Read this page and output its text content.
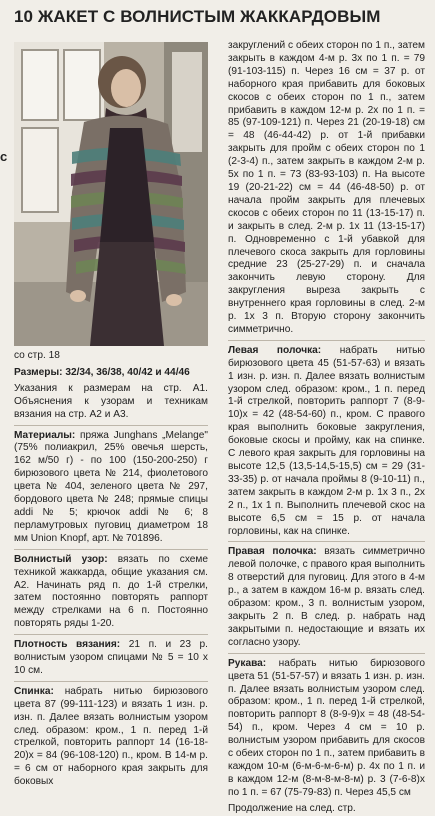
10 ЖАКЕТ С ВОЛНИСТЫМ ЖАККАРДОВЫМ
c

со стр. 18

Размеры: 32/34, 36/38, 40/42 и 44/46

Указания к размерам на стр. А1. Объяснения к узорам и техникам вязания на стр. А2 и А3.

Материалы: пряжа Junghans „Melange" (75% полиакрил, 25% овечья шерсть, 162 м/50 г) - по 100 (150-200-250) г бирюзового цвета № 214, фиолетового цвета № 404, зеленого цвета № 297, бордового цвета № 248; прямые спицы addi № 5; крючок addi № 6; 8 перламутровых пуговиц диаметром 18 мм Union Knopf, арт. № 701896.

Волнистый узор: вязать по схеме техникой жаккарда, общие указания см. А2. Начинать ряд п. до 1-й стрелки, затем постоянно повторять раппорт между стрелками на 6 п. Постоянно повторять ряды 1-20.

Плотность вязания: 21 п. и 23 р. волнистым узором спицами № 5 = 10 х 10 см.

Спинка: набрать нитью бирюзового цвета 87 (99-111-123) и вязать 1 изн. р. изн. п. Далее вязать волнистым узором след. образом: кром., 1 п. перед 1-й стрелкой, повторить раппорт 14 (16-18-20)х = 84 (96-108-120) п., кром. В 14-м р. = 6 см от наборного края закрыть для боковых

закруглений с обеих сторон по 1 п., затем закрыть в каждом 4-м р. 3х по 1 п. = 79 (91-103-115) п. Через 16 см = 37 р. от наборного края прибавить для боковых скосов с обеих сторон по 1 п., затем прибавить в каждом 12-м р. 2х по 1 п. = 85 (97-109-121) п. Через 21 (20-19-18) см = 48 (46-44-42) р. от 1-й прибавки закрыть для пройм с обеих сторон по 1 (2-3-4) п., затем закрыть в каждом 2-м р. 5х по 1 п. = 73 (83-93-103) п. На высоте 19 (20-21-22) см = 44 (46-48-50) р. от начала пройм закрыть для плечевых скосов с обеих сторон по 11 (13-15-17) п. и закрыть в след. 2-м р. 1х 11 (13-15-17) п. Одновременно с 1-й убавкой для плечевого скоса закрыть для горловины средние 23 (25-27-29) п. и сначала закончить левую сторону. Для закругления выреза закрыть с внутреннего края горловины в след. 2-м р. 1х 3 п. Вторую сторону закончить симметрично.

Левая полочка: набрать нитью бирюзового цвета 45 (51-57-63) и вязать 1 изн. р. изн. п. Далее вязать волнистым узором след. образом: кром., 1 п. перед 1-й стрелкой, повторить раппорт 7 (8-9-10)х = 42 (48-54-60) п., кром. С правого края выполнить боковые закругления, боковые скосы и пройму, как на спинке. С левого края закрыть для горловины на высоте 12,5 (13,5-14,5-15,5) см = 29 (31-33-35) р. от начала проймы 8 (9-10-11) п., затем закрыть в каждом 2-м р. 1х 3 п., 2х 2 п., 1х 1 п. Выполнить плечевой скос на высоте 6,5 см = 15 р. от начала горловины, как на спинке.

Правая полочка: вязать симметрично левой полочке, с правого края выполнить 8 отверстий для пуговиц. Для этого в 4-м р., а затем в каждом 16-м р. вязать след. образом: кром., 3 п. волнистым узором, закрыть 2 п. В след. р. набрать над закрытыми п. недостающие и вязать их согласно узору.

Рукава: набрать нитью бирюзового цвета 51 (51-57-57) и вязать 1 изн. р. изн. п. Далее вязать волнистым узором след. образом: кром., 1 п. перед 1-й стрелкой, повторить раппорт 8 (8-9-9)х = 48 (48-54-54) п., кром. Через 4 см = 10 р. волнистым узором прибавить для скосов с обеих сторон по 1 п., затем прибавить в каждом 10-м (6-м-6-м-6-м) р. 4х по 1 п. и в каждом 12-м (8-м-8-м-8-м) р. 3 (7-6-8)х по 1 п. = 67 (75-79-83) п. Через 45,5 см

Продолжение на след. стр.
